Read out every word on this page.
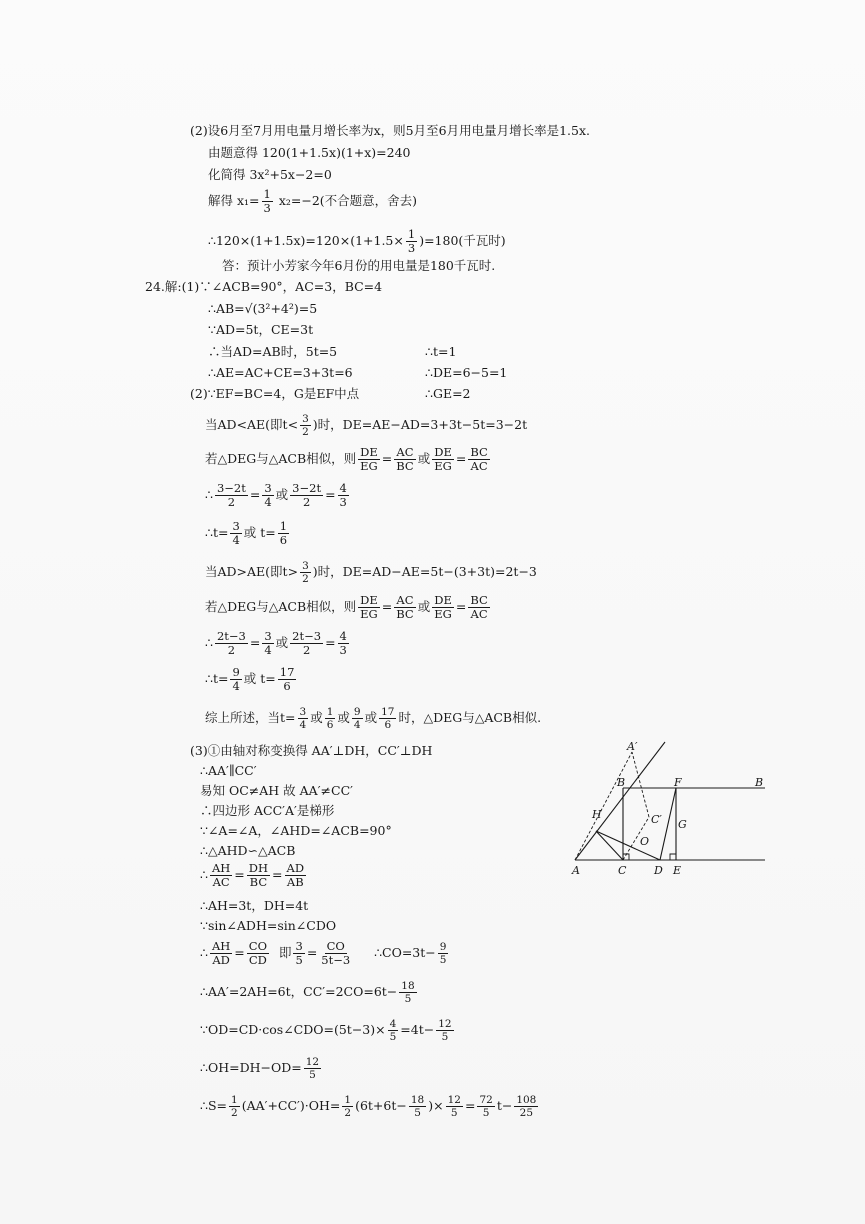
(2)设6月至7月用电量月增长率为x，则5月至6月用电量月增长率是1.5x.
由题意得 120(1+1.5x)(1+x)=240
化简得 3x²+5x−2=0
解得 $x_1= \frac{1}{3} x_2=-2$(不合题意，舍去)
∴120×(1+1.5x)=120×(1+1.5× $\frac{1}{3} )=180$(千瓦时)
答：预计小芳家今年6月份的用电量是180千瓦时.
24.解:(1)∵∠ACB=90°，AC=3，BC=4
∴AB=√(3²+4²)=5
∵AD=5t，CE=3t
∴当AD=AB时，5t=5	∴t=1
∴AE=AC+CE=3+3t=6	∴DE=6−5=1
(2)∵EF=BC=4，G是EF中点	∴GE=2
当AD<AE(即$t< \frac{3}{2}$ )时，DE=AE−AD=3+3t−5t=3−2t
若△DEG与△ACB相似，则 $\frac{DE}{EG} = \frac{AC}{BC}$ 或 $\frac{DE}{EG} = \frac{BC}{AC}$
∴ $\frac{3-2t}{2} = \frac{3}{4}$ 或 $\frac{3-2t}{2} = \frac{4}{3}$
∴t= $\frac{3}{4}$ 或 $t= \frac{1}{6}$
当AD>AE(即$t> \frac{3}{2}$ )时，DE=AD−AE=5t−(3+3t)=2t−3
若△DEG与△ACB相似，则 $\frac{DE}{EG} = \frac{AC}{BC}$ 或 $\frac{DE}{EG} = \frac{BC}{AC}$
∴ $\frac{2t-3}{2} = \frac{3}{4}$ 或 $\frac{2t-3}{2} = \frac{4}{3}$
∴t= $\frac{9}{4}$ 或 $t= \frac{17}{6}$
综上所述，当$t= \frac{3}{4}$ 或 $\frac{1}{6}$ 或 $\frac{9}{4}$ 或 $\frac{17}{6}$ 时，△DEG与△ACB相似.
(3)①由轴对称变换得 AA′⊥DH，CC′⊥DH
∴AA′∥CC′
易知 OC≠AH 故 AA′≠CC′
∴四边形 ACC′A′是梯形
∵∠A=∠A，∠AHD=∠ACB=90°
∴△AHD∽△ACB
∴ $\frac{AH}{AC} = \frac{DH}{BC} = \frac{AD}{AB}$
∴AH=3t，DH=4t
∵sin∠ADH=sin∠CDO
∴ $\frac{AH}{AD} = \frac{CO}{CD}$ 即 $\frac{3}{5} = \frac{CO}{5t-3}$ ∴CO=3t− $\frac{9}{5}$
∴AA′=2AH=6t，$CC'=2CO=6t- \frac{18}{5}$
∵OD=CD·cos∠CDO=(5t−3)× $\frac{4}{5} =4t- \frac{12}{5}$
∴OH=DH−OD= $\frac{12}{5}$
∴S= $\frac{1}{2} (AA'+CC')\cdot OH= \frac{1}{2} (6t+6t- \frac{18}{5}$ )× $\frac{12}{5} = \frac{72}{5} t- \frac{108}{25}$
A	C	D E
B	B
F
G
H
O
A′
C′
